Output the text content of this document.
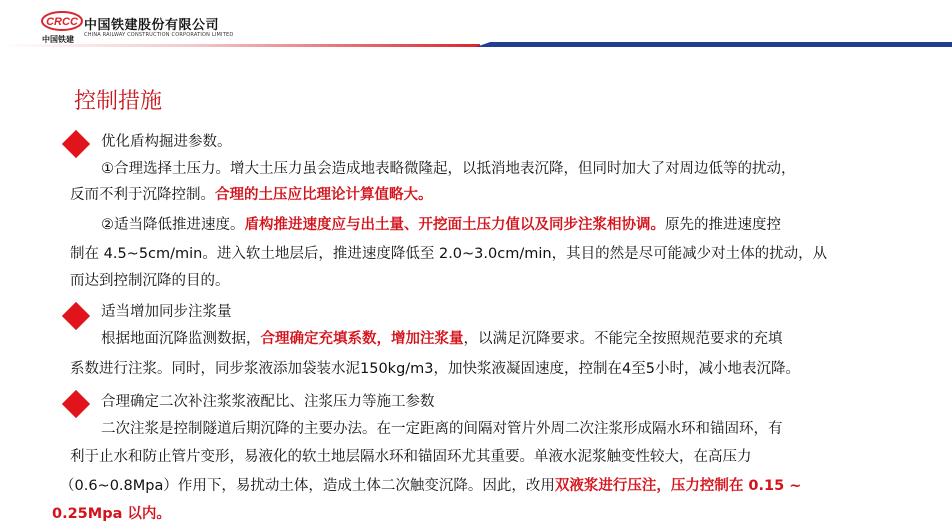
CRCC
中国铁建
中国铁建股份有限公司
CHINA RAILWAY CONSTRUCTION CORPORATION LIMITED
控制措施
优化盾构掘进参数。
①合理选择土压力。增大土压力虽会造成地表略微隆起，以抵消地表沉降，但同时加大了对周边低等的扰动，
反而不利于沉降控制。合理的土压应比理论计算值略大。
②适当降低推进速度。盾构推进速度应与出土量、开挖面土压力值以及同步注浆相协调。原先的推进速度控
制在 4.5~5cm/min。进入软土地层后，推进速度降低至 2.0~3.0cm/min，其目的然是尽可能减少对土体的扰动，从
而达到控制沉降的目的。
适当增加同步注浆量
根据地面沉降监测数据，合理确定充填系数，增加注浆量，以满足沉降要求。不能完全按照规范要求的充填
系数进行注浆。同时，同步浆液添加袋装水泥150kg/m3，加快浆液凝固速度，控制在4至5小时，减小地表沉降。
合理确定二次补注浆浆液配比、注浆压力等施工参数
二次注浆是控制隧道后期沉降的主要办法。在一定距离的间隔对管片外周二次注浆形成隔水环和锚固环，有
利于止水和防止管片变形，易液化的软土地层隔水环和锚固环尤其重要。单液水泥浆触变性较大，在高压力
（0.6~0.8Mpa）作用下，易扰动土体，造成土体二次触变沉降。因此，改用双液浆进行压注，压力控制在 0.15 ~
0.25Mpa 以内。
